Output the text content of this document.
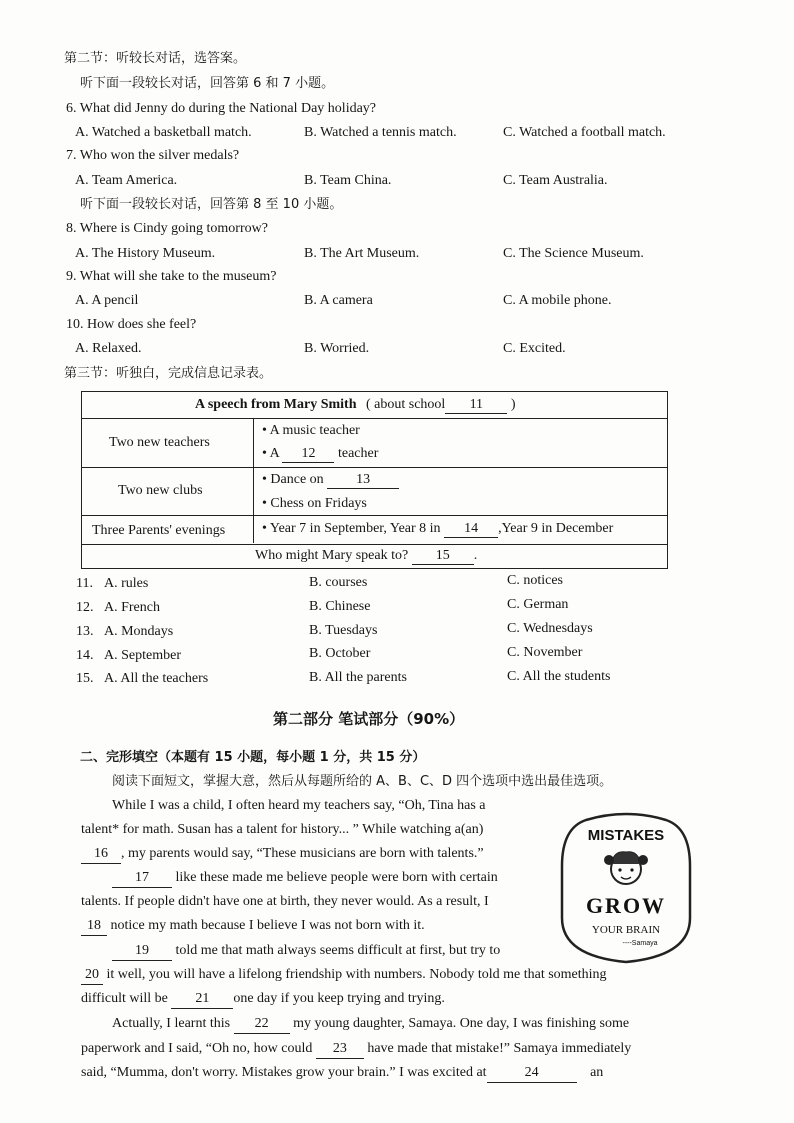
第二节：听较长对话，选答案。
听下面一段较长对话，回答第 6 和 7 小题。
6. What did Jenny do during the National Day holiday?
A. Watched a basketball match.	B. Watched a tennis match.	C. Watched a football match.
7. Who won the silver medals?
A. Team America.	B. Team China.	C. Team Australia.
听下面一段较长对话，回答第 8 至 10 小题。
8. Where is Cindy going tomorrow?
A. The History Museum.	B. The Art Museum.	C. The Science Museum.
9. What will she take to the museum?
A. A pencil	B. A camera	C. A mobile phone.
10. How does she feel?
A. Relaxed.	B. Worried.	C. Excited.
第三节：听独白，完成信息记录表。
A speech from Mary Smith ( about school 11 )
Two new teachers
• A music teacher
• A 12 teacher
Two new clubs
• Dance on 13
• Chess on Fridays
Three Parents' evenings	• Year 7 in September, Year 8 in 14 ,Year 9 in December
Who might Mary speak to? 15 .
11. A. rules	B. courses	C. notices
12. A. French	B. Chinese	C. German
13. A. Mondays	B. Tuesdays	C. Wednesdays
14. A. September	B. October	C. November
15. A. All the teachers	B. All the parents	C. All the students
第二部分 笔试部分（90%）
二、完形填空（本题有 15 小题，每小题 1 分，共 15 分）
阅读下面短文，掌握大意，然后从每题所给的 A、B、C、D 四个选项中选出最佳选项。
While I was a child, I often heard my teachers say, “Oh, Tina has a
talent* for math. Susan has a talent for history... ” While watching a(an)
16 , my parents would say, “These musicians are born with talents.”
17 like these made me believe people were born with certain
talents. If people didn't have one at birth, they never would. As a result, I
18 notice my math because I believe I was not born with it.
19 told me that math always seems difficult at first, but try to
20 it well, you will have a lifelong friendship with numbers. Nobody told me that something
difficult will be 21 one day if you keep trying and trying.
Actually, I learnt this 22 my young daughter, Samaya. One day, I was finishing some
paperwork and I said, “Oh no, how could 23 have made that mistake!” Samaya immediately
said, “Mumma, don't worry. Mistakes grow your brain.” I was excited at	24	an
MISTAKES
GROW
YOUR BRAIN
----Samaya
